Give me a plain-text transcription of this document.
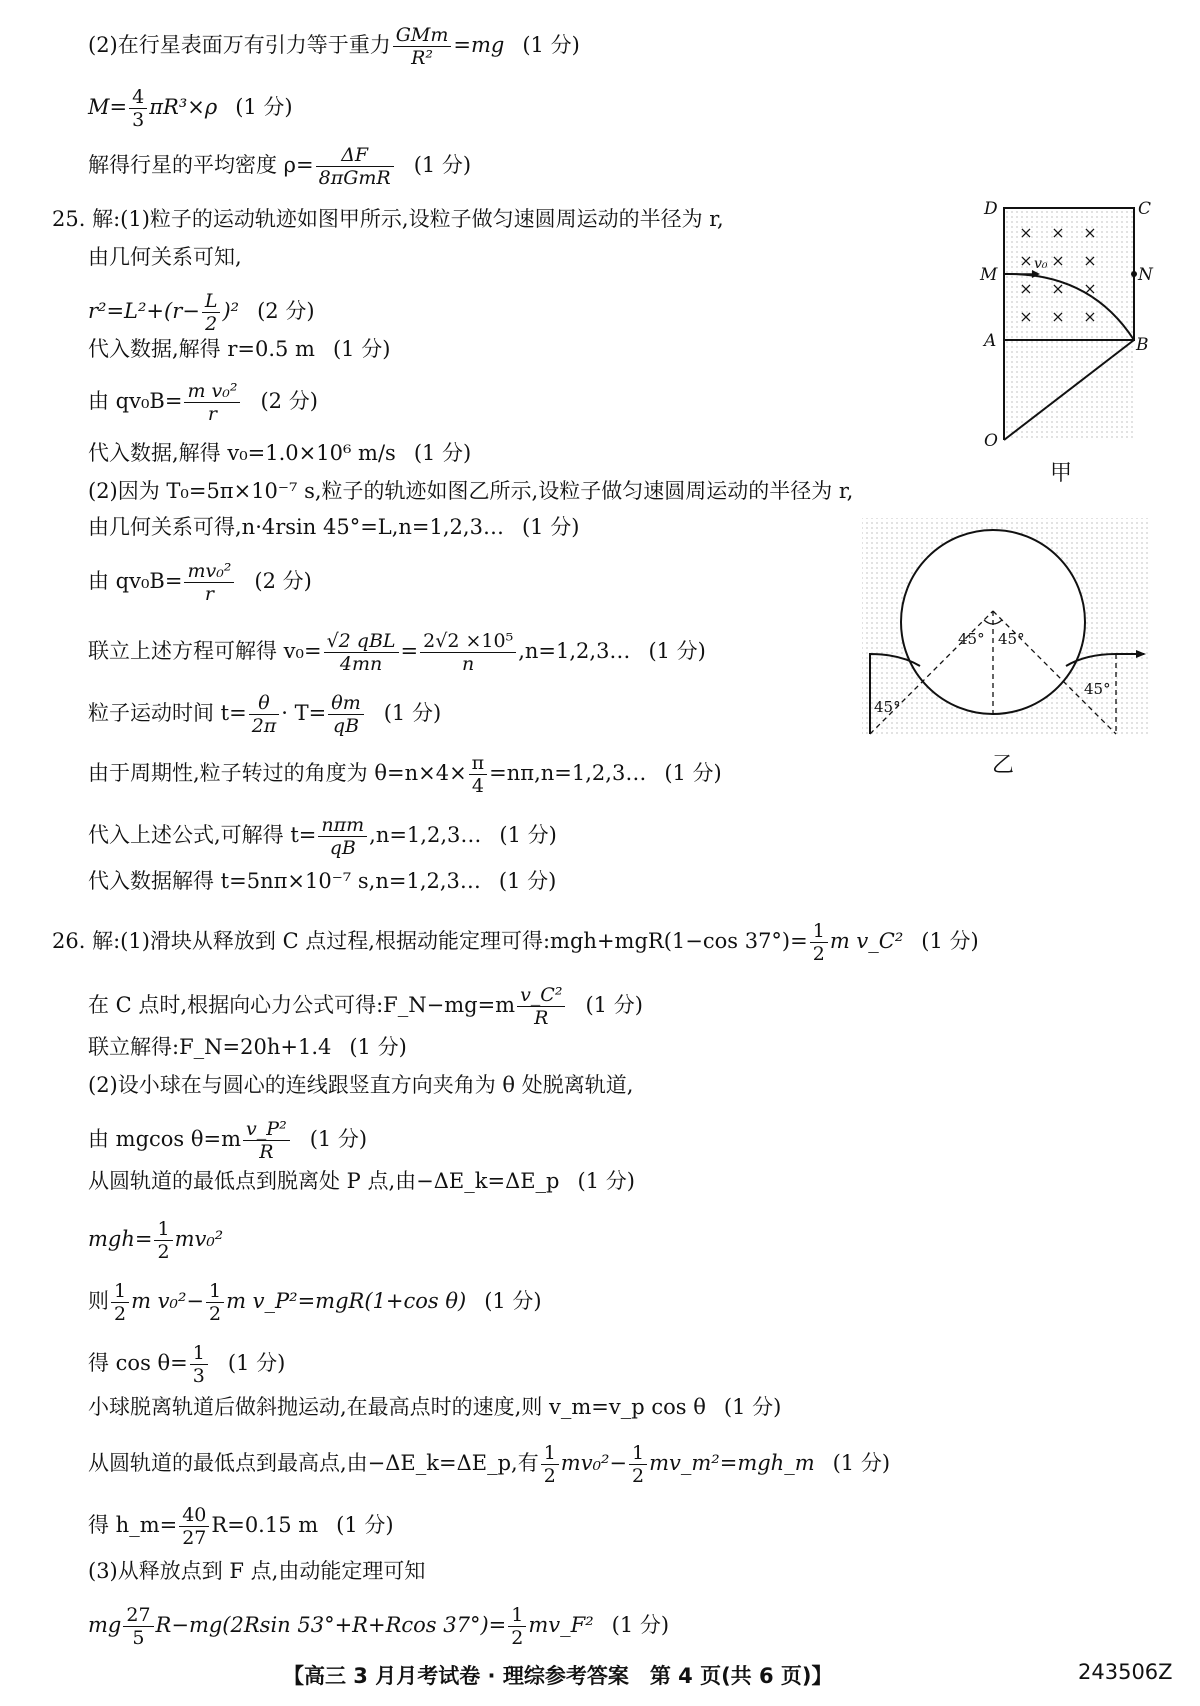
(2)在行星表面万有引力等于重力 $\frac{\text{GMm}}{\text{R²}} =mg$ (1 分)
$M= \frac{4}{3} \pi R^3\times\rho$ (1 分)
解得行星的平均密度 $\rho= \frac{\Delta F}{\text{8πGmR}} (1$ 分)
25. 解:(1)粒子的运动轨迹如图甲所示,设粒子做匀速圆周运动的半径为 r,
由几何关系可知,
$r^2=L^2+(r- \frac{L}{2} )^2$ (2 分)
代入数据,解得 r=0.5 m (1 分)
由 $qv_0B= \frac{\text{m v₀²}}{r} (2$ 分)
代入数据,解得 v₀=1.0×10⁶ m/s (1 分)
(2)因为 T₀=5π×10⁻⁷ s,粒子的轨迹如图乙所示,设粒子做匀速圆周运动的半径为 r,
由几何关系可得,n·4rsin 45°=L,n=1,2,3… (1 分)
由 $qv_0B= \frac{\text{mv₀²}}{r} (2$ 分)
联立上述方程可解得 $v_0= \frac{\text{√2 qBL}}{4mn} = \frac{\text{2√2 ×10⁵}}{n}$ ,n=1,2,3… (1 分)
粒子运动时间 $t= \frac{\theta}{2\pi} \cdot T= \frac{\theta m}{qB} (1$ 分)
由于周期性,粒子转过的角度为 $\theta=n\times 4\times \frac{\pi}{4}$ =nπ,n=1,2,3… (1 分)
代入上述公式,可解得 $t= \frac{\text{nπm}}{qB}$ ,n=1,2,3… (1 分)
代入数据解得 t=5nπ×10⁻⁷ s,n=1,2,3… (1 分)
26. 解:(1)滑块从释放到 C 点过程,根据动能定理可得:mgh+mgR(1−cos $37^\circ)= \frac{1}{2}$ m v_C² (1 分)
在 C 点时,根据向心力公式可得:F_N−mg=m $\frac{\text{v\_C²}}{R} (1$ 分)
联立解得:F_N=20h+1.4 (1 分)
(2)设小球在与圆心的连线跟竖直方向夹角为 θ 处脱离轨道,
由 mgcos $\theta=m \frac{\text{v\_P²}}{R} (1$ 分)
从圆轨道的最低点到脱离处 P 点,由−ΔE_k=ΔE_p (1 分)
$mgh= \frac{1}{2} mv_0^2$
则 $\frac{1}{2}$ m $v_0^2- \frac{1}{2}$ m v_P²=mgR(1+cos θ) (1 分)
得 $\cos \theta= \frac{1}{3} (1$ 分)
小球脱离轨道后做斜抛运动,在最高点时的速度,则 v_m=v_p cos θ (1 分)
从圆轨道的最低点到最高点,由−ΔE_k=ΔE_p,有 $\frac{1}{2} mv_0^2- \frac{1}{2}$ mv_m²=mgh_m (1 分)
得 h_m= $\frac{40}{27} R=0.15$ m (1 分)
(3)从释放点到 F 点,由动能定理可知
mg $\frac{27}{5} R-mg(2Rsin$ 53°+R+Rcos $37^\circ)= \frac{1}{2}$ mv_F² (1 分)
× × ×
× × ×
× × ×
× × ×
D	C
M	N
A	B
O
v₀
甲
45° 45°
45°
45°
乙
【高三 3 月月考试卷 · 理综参考答案　第 4 页(共 6 页)】	243506Z
